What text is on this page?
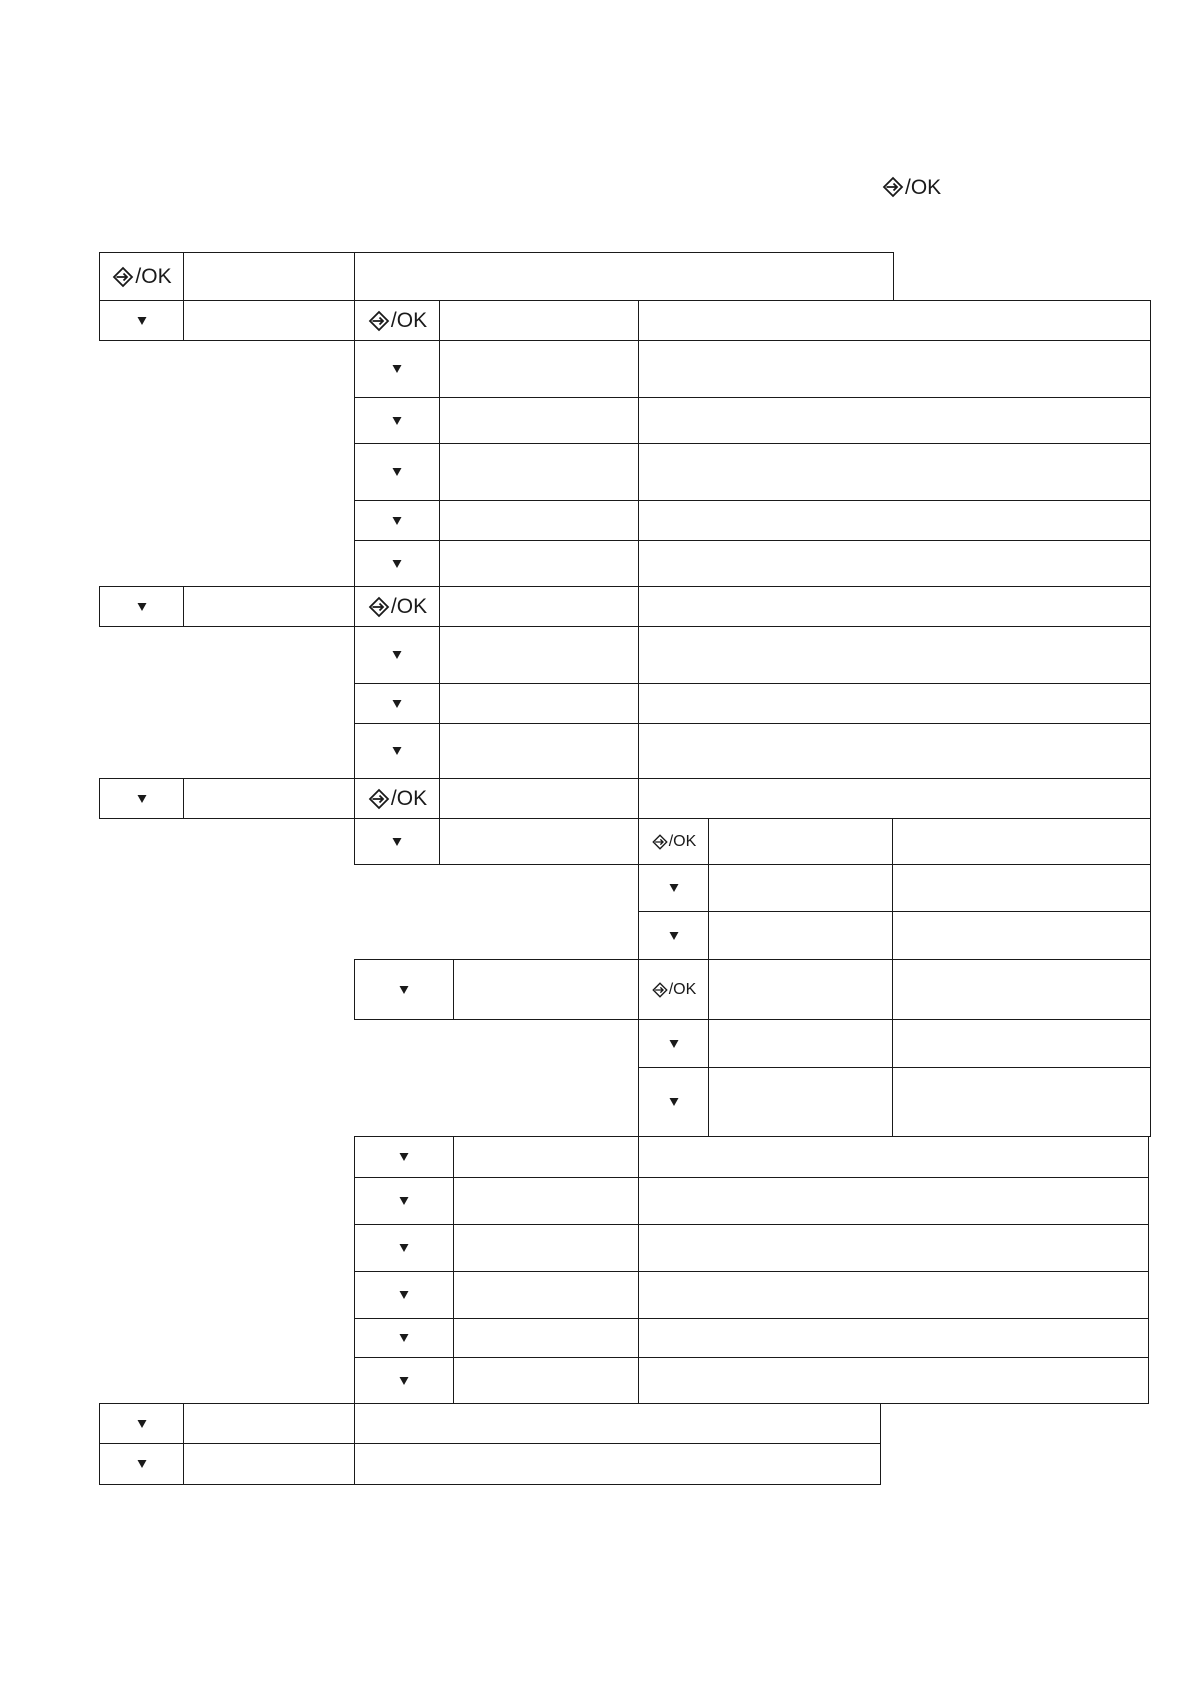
/OK
/OK
/OK
/OK
/OK
/OK
/OK
